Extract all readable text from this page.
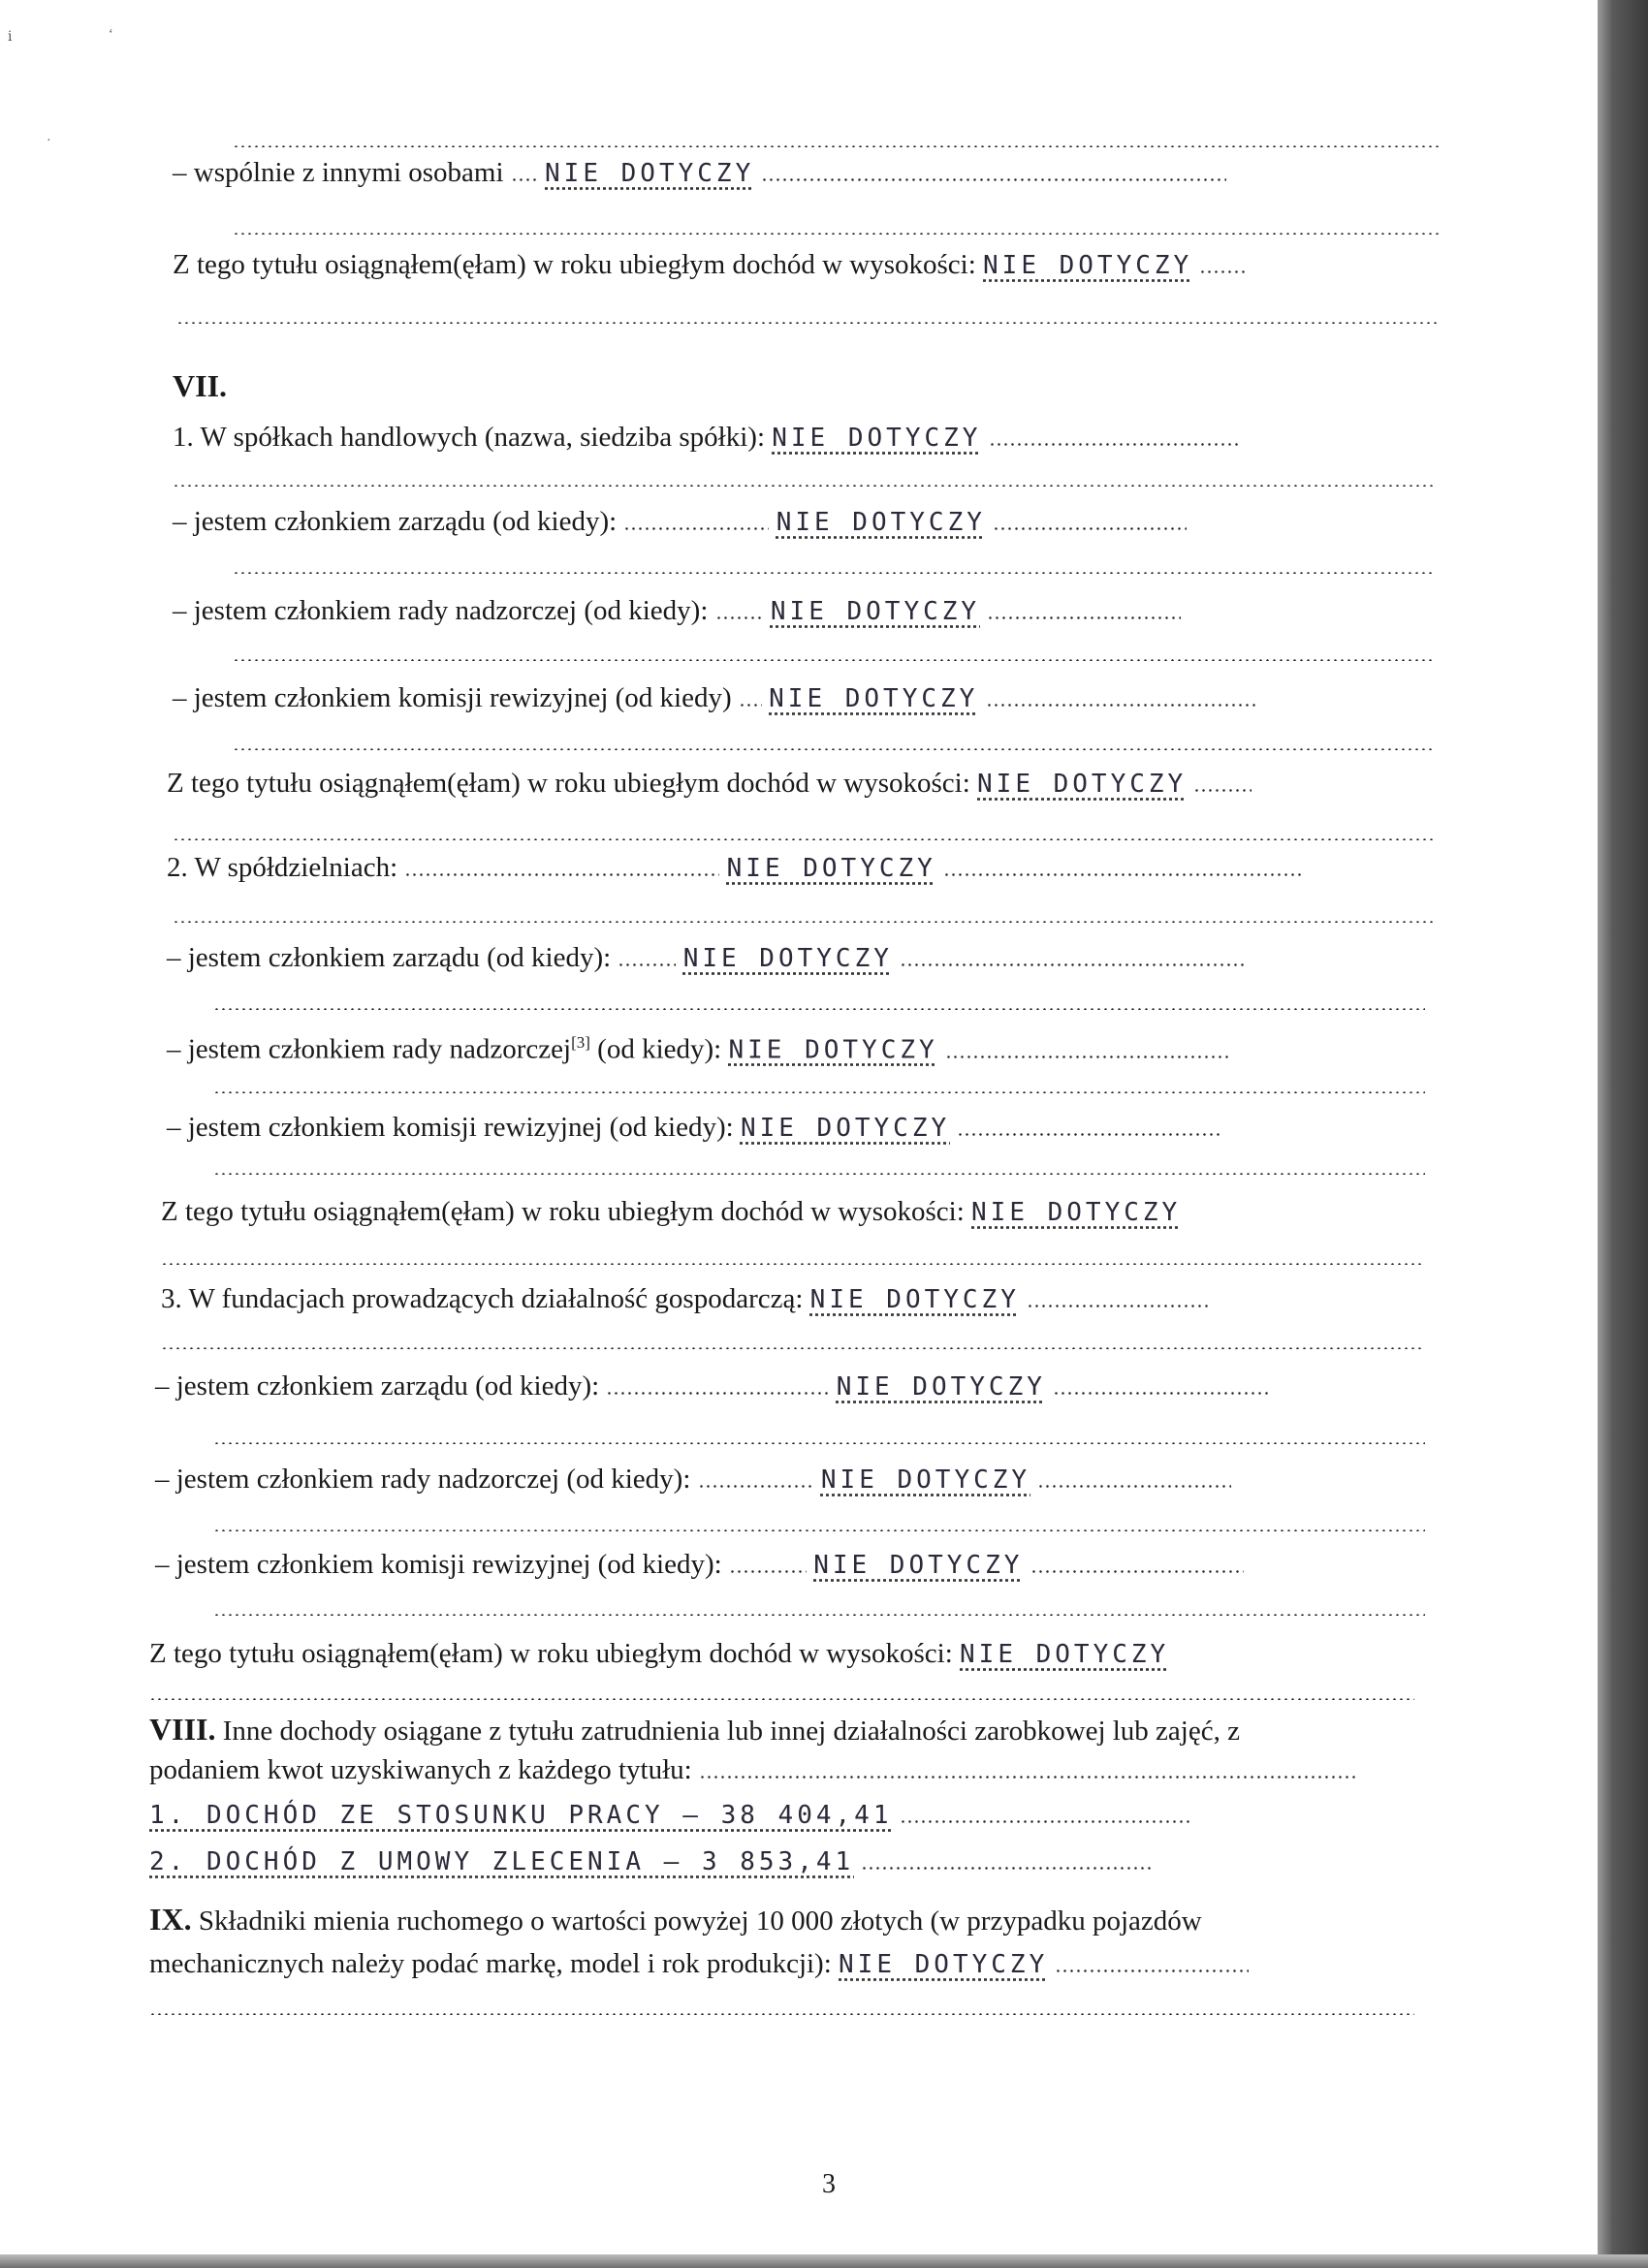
ⅰ	ʻ
·
– wspólnie z innymi osobami NIE DOTYCZY
Z tego tytułu osiągnąłem(ęłam) w roku ubiegłym dochód w wysokości: NIE DOTYCZY
VII.
1. W spółkach handlowych (nazwa, siedziba spółki): NIE DOTYCZY
– jestem członkiem zarządu (od kiedy):	NIE DOTYCZY
– jestem członkiem rady nadzorczej (od kiedy): NIE DOTYCZY
– jestem członkiem komisji rewizyjnej (od kiedy) NIE DOTYCZY
Z tego tytułu osiągnąłem(ęłam) w roku ubiegłym dochód w wysokości: NIE DOTYCZY
2. W spółdzielniach:	NIE DOTYCZY
– jestem członkiem zarządu (od kiedy):	NIE DOTYCZY
– jestem członkiem rady nadzorczej[3] (od kiedy): NIE DOTYCZY
– jestem członkiem komisji rewizyjnej (od kiedy): NIE DOTYCZY
Z tego tytułu osiągnąłem(ęłam) w roku ubiegłym dochód w wysokości: NIE DOTYCZY
3. W fundacjach prowadzących działalność gospodarczą: NIE DOTYCZY
– jestem członkiem zarządu (od kiedy):	NIE DOTYCZY
– jestem członkiem rady nadzorczej (od kiedy):	NIE DOTYCZY
– jestem członkiem komisji rewizyjnej (od kiedy):	NIE DOTYCZY
Z tego tytułu osiągnąłem(ęłam) w roku ubiegłym dochód w wysokości: NIE DOTYCZY
VIII. Inne dochody osiągane z tytułu zatrudnienia lub innej działalności zarobkowej lub zajęć, z
podaniem kwot uzyskiwanych z każdego tytułu:
1. DOCHÓD ZE STOSUNKU PRACY – 38 404,41
2. DOCHÓD Z UMOWY ZLECENIA – 3 853,41
IX. Składniki mienia ruchomego o wartości powyżej 10 000 złotych (w przypadku pojazdów
mechanicznych należy podać markę, model i rok produkcji): NIE DOTYCZY
3
